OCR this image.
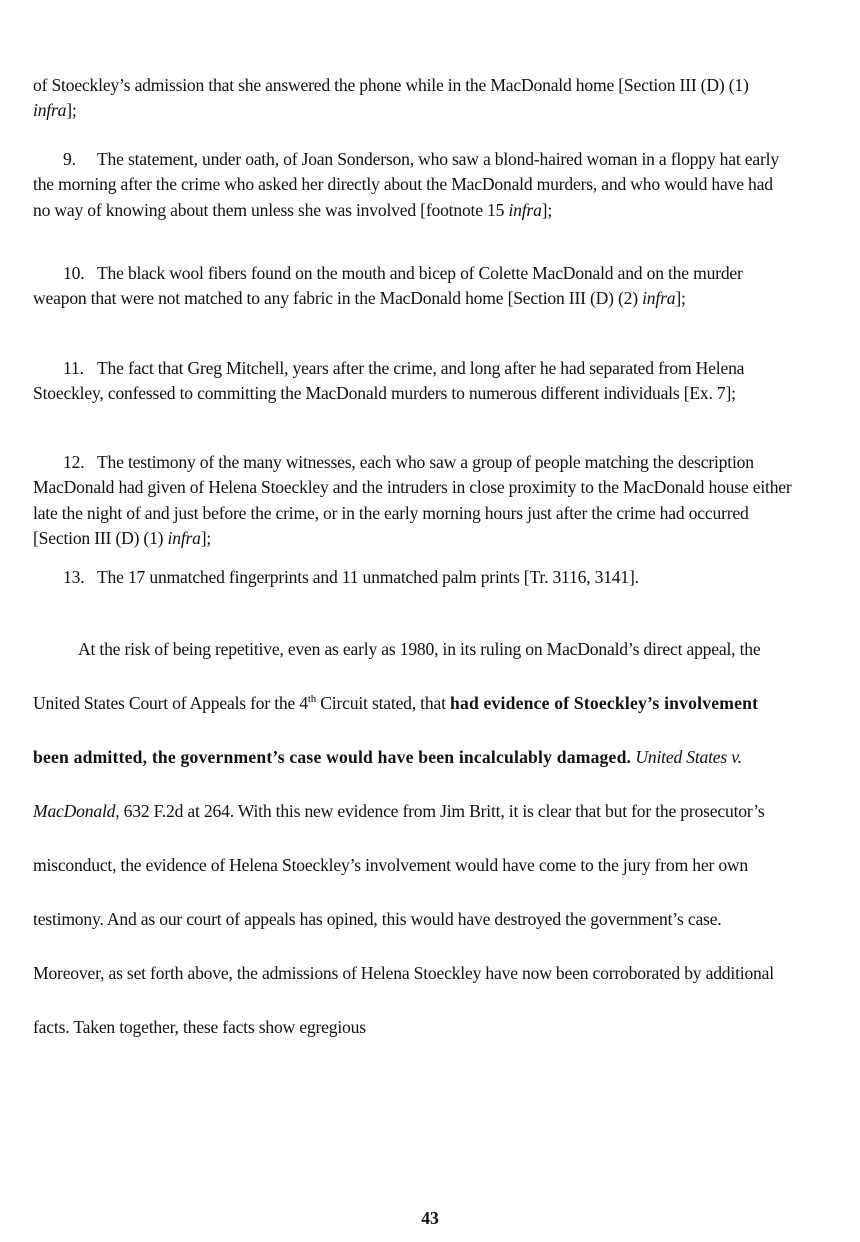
of Stoeckley’s admission that she answered the phone while in the MacDonald home [Section III (D) (1) infra];
9. The statement, under oath, of Joan Sonderson, who saw a blond-haired woman in a floppy hat early the morning after the crime who asked her directly about the MacDonald murders, and who would have had no way of knowing about them unless she was involved [footnote 15 infra];
10. The black wool fibers found on the mouth and bicep of Colette MacDonald and on the murder weapon that were not matched to any fabric in the MacDonald home [Section III (D) (2) infra];
11. The fact that Greg Mitchell, years after the crime, and long after he had separated from Helena Stoeckley, confessed to committing the MacDonald murders to numerous different individuals [Ex. 7];
12. The testimony of the many witnesses, each who saw a group of people matching the description MacDonald had given of Helena Stoeckley and the intruders in close proximity to the MacDonald house either late the night of and just before the crime, or in the early morning hours just after the crime had occurred [Section III (D) (1) infra];
13. The 17 unmatched fingerprints and 11 unmatched palm prints [Tr. 3116, 3141].
At the risk of being repetitive, even as early as 1980, in its ruling on MacDonald’s direct appeal, the United States Court of Appeals for the 4th Circuit stated, that had evidence of Stoeckley’s involvement been admitted, the government’s case would have been incalculably damaged. United States v. MacDonald, 632 F.2d at 264. With this new evidence from Jim Britt, it is clear that but for the prosecutor’s misconduct, the evidence of Helena Stoeckley’s involvement would have come to the jury from her own testimony. And as our court of appeals has opined, this would have destroyed the government’s case. Moreover, as set forth above, the admissions of Helena Stoeckley have now been corroborated by additional facts. Taken together, these facts show egregious
43
